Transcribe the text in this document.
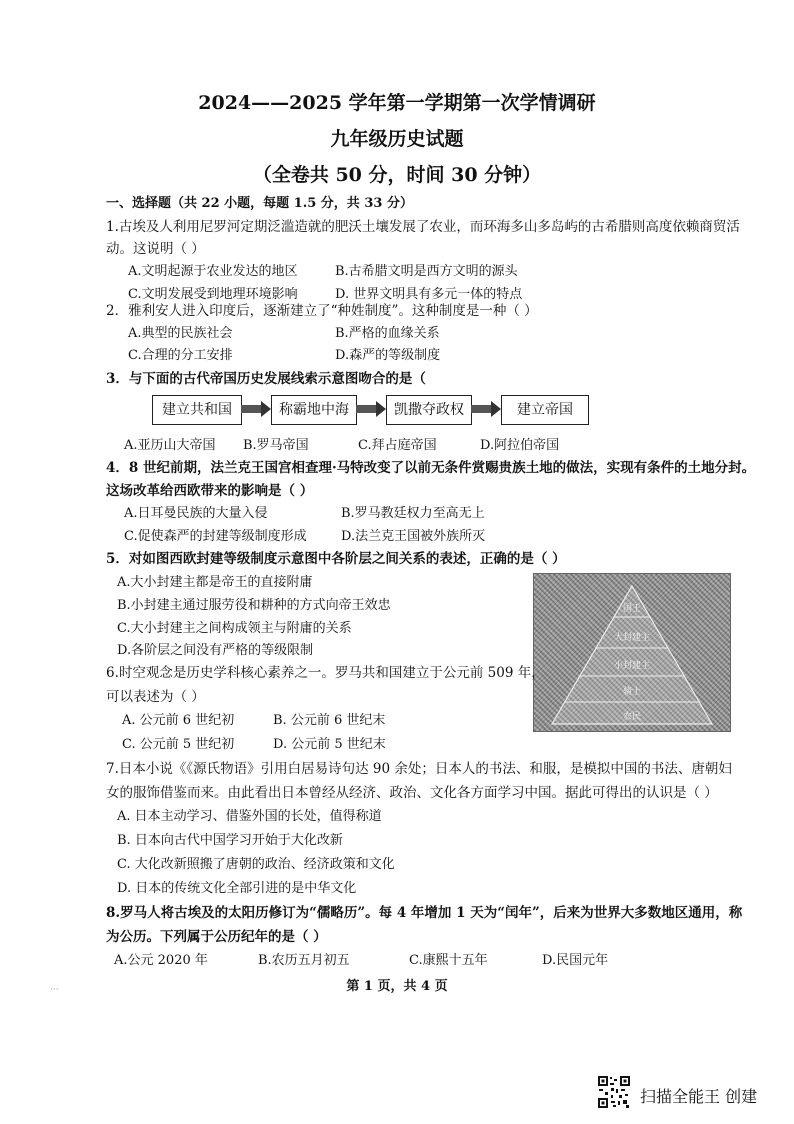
2024——2025 学年第一学期第一次学情调研
九年级历史试题
（全卷共 50 分，时间 30 分钟）
一、选择题（共 22 小题，每题 1.5 分，共 33 分）
1.古埃及人利用尼罗河定期泛滥造就的肥沃土壤发展了农业，而环海多山多岛屿的古希腊则高度依赖商贸活
动。这说明（ ）
A.文明起源于农业发达的地区	B.古希腊文明是西方文明的源头
C.文明发展受到地理环境影响	D. 世界文明具有多元一体的特点
2．雅利安人进入印度后，逐渐建立了“种姓制度”。这种制度是一种（ ）
A.典型的民族社会	B.严格的血缘关系
C.合理的分工安排	D.森严的等级制度
3．与下面的古代帝国历史发展线索示意图吻合的是（
建立共和国	称霸地中海	凯撒夺政权	建立帝国
A.亚历山大帝国 B.罗马帝国	C.拜占庭帝国	D.阿拉伯帝国
4．8 世纪前期，法兰克王国宫相查理·马特改变了以前无条件赏赐贵族土地的做法，实现有条件的土地分封。
这场改革给西欧带来的影响是（ ）
A.日耳曼民族的大量入侵	B.罗马教廷权力至高无上
C.促使森严的封建等级制度形成	D.法兰克王国被外族所灭
5．对如图西欧封建等级制度示意图中各阶层之间关系的表述，正确的是（ ）
A.大小封建主都是帝王的直接附庸
B.小封建主通过服劳役和耕种的方式向帝王效忠
C.大小封建主之间构成领主与附庸的关系
D.各阶层之间没有严格的等级限制
国王
大封建主
小封建主
骑士
农民
6.时空观念是历史学科核心素养之一。罗马共和国建立于公元前 509 年，
可以表述为（ ）
A. 公元前 6 世纪初	B. 公元前 6 世纪末
C. 公元前 5 世纪初	D. 公元前 5 世纪末
7.日本小说《《源氏物语》引用白居易诗句达 90 余处；日本人的书法、和服，是模拟中国的书法、唐朝妇
女的服饰借鉴而来。由此看出日本曾经从经济、政治、文化各方面学习中国。据此可得出的认识是（ ）
A. 日本主动学习、借鉴外国的长处，值得称道
B. 日本向古代中国学习开始于大化改新
C. 大化改新照搬了唐朝的政治、经济政策和文化
D. 日本的传统文化全部引进的是中华文化
8.罗马人将古埃及的太阳历修订为“儒略历”。每 4 年增加 1 天为“闰年”，后来为世界大多数地区通用，称
为公历。下列属于公历纪年的是（ ）
A.公元 2020 年	B.农历五月初五	C.康熙十五年	D.民国元年
···	第 1 页，共 4 页
扫描全能王 创建
